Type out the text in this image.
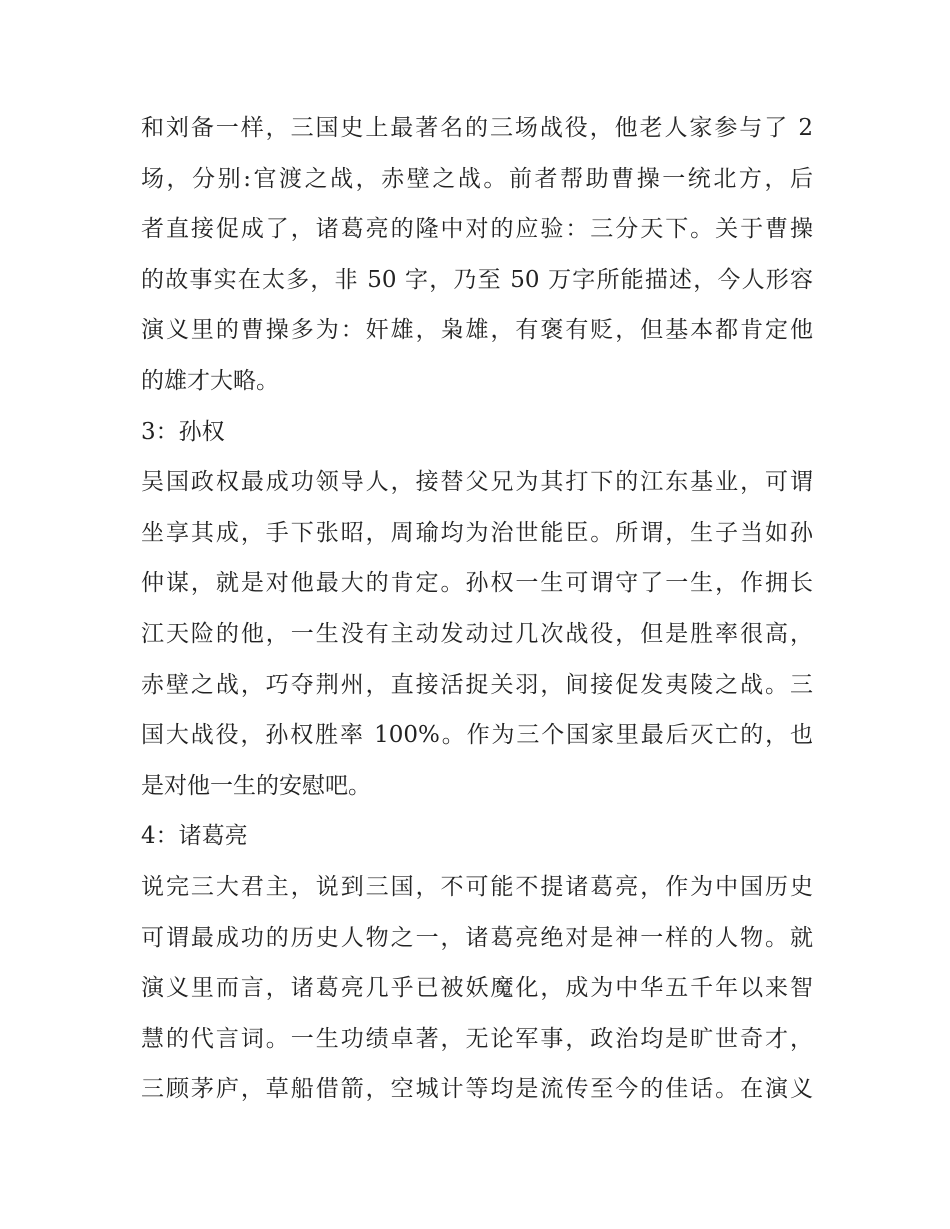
和刘备一样，三国史上最著名的三场战役，他老人家参与了 2
场，分别:官渡之战，赤壁之战。前者帮助曹操一统北方，后
者直接促成了，诸葛亮的隆中对的应验：三分天下。关于曹操
的故事实在太多，非 50 字，乃至 50 万字所能描述，今人形容
演义里的曹操多为：奸雄，枭雄，有褒有贬，但基本都肯定他
的雄才大略。
3：孙权
吴国政权最成功领导人，接替父兄为其打下的江东基业，可谓
坐享其成，手下张昭，周瑜均为治世能臣。所谓，生子当如孙
仲谋，就是对他最大的肯定。孙权一生可谓守了一生，作拥长
江天险的他，一生没有主动发动过几次战役，但是胜率很高，
赤壁之战，巧夺荆州，直接活捉关羽，间接促发夷陵之战。三
国大战役，孙权胜率 100%。作为三个国家里最后灭亡的，也
是对他一生的安慰吧。
4：诸葛亮
说完三大君主，说到三国，不可能不提诸葛亮，作为中国历史
可谓最成功的历史人物之一，诸葛亮绝对是神一样的人物。就
演义里而言，诸葛亮几乎已被妖魔化，成为中华五千年以来智
慧的代言词。一生功绩卓著，无论军事，政治均是旷世奇才，
三顾茅庐，草船借箭，空城计等均是流传至今的佳话。在演义
